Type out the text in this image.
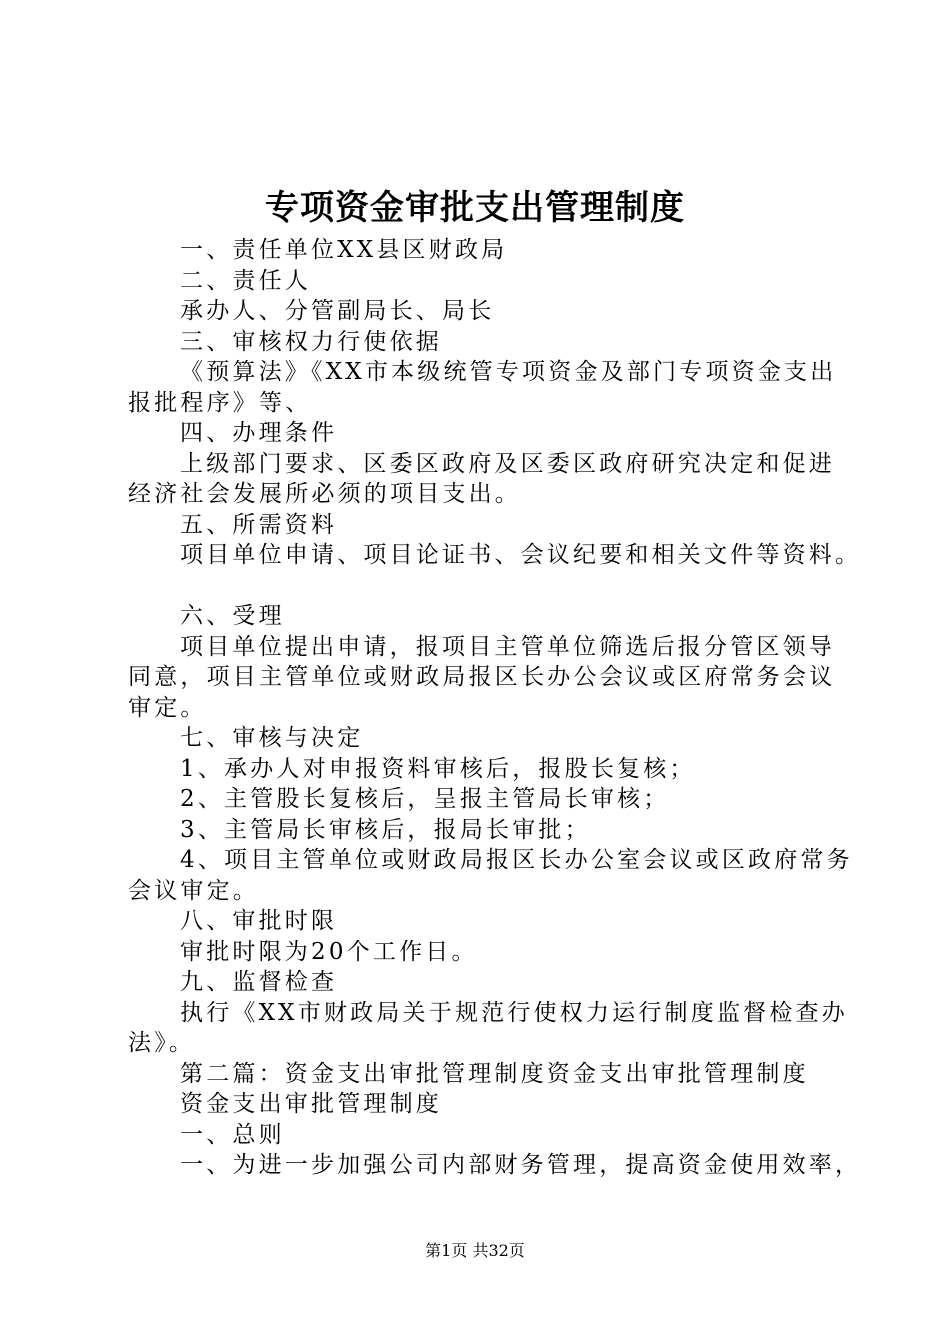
专项资金审批支出管理制度
一、责任单位XX县区财政局
二、责任人
承办人、分管副局长、局长
三、审核权力行使依据
《预算法》《XX市本级统管专项资金及部门专项资金支出
报批程序》等、
四、办理条件
上级部门要求、区委区政府及区委区政府研究决定和促进
经济社会发展所必须的项目支出。
五、所需资料
项目单位申请、项目论证书、会议纪要和相关文件等资料。
六、受理
项目单位提出申请，报项目主管单位筛选后报分管区领导
同意，项目主管单位或财政局报区长办公会议或区府常务会议
审定。
七、审核与决定
1、承办人对申报资料审核后，报股长复核；
2、主管股长复核后，呈报主管局长审核；
3、主管局长审核后，报局长审批；
4、项目主管单位或财政局报区长办公室会议或区政府常务
会议审定。
八、审批时限
审批时限为20个工作日。
九、监督检查
执行《XX市财政局关于规范行使权力运行制度监督检查办
法》。
第二篇：资金支出审批管理制度资金支出审批管理制度
资金支出审批管理制度
一、总则
一、为进一步加强公司内部财务管理，提高资金使用效率，
第1页 共32页
